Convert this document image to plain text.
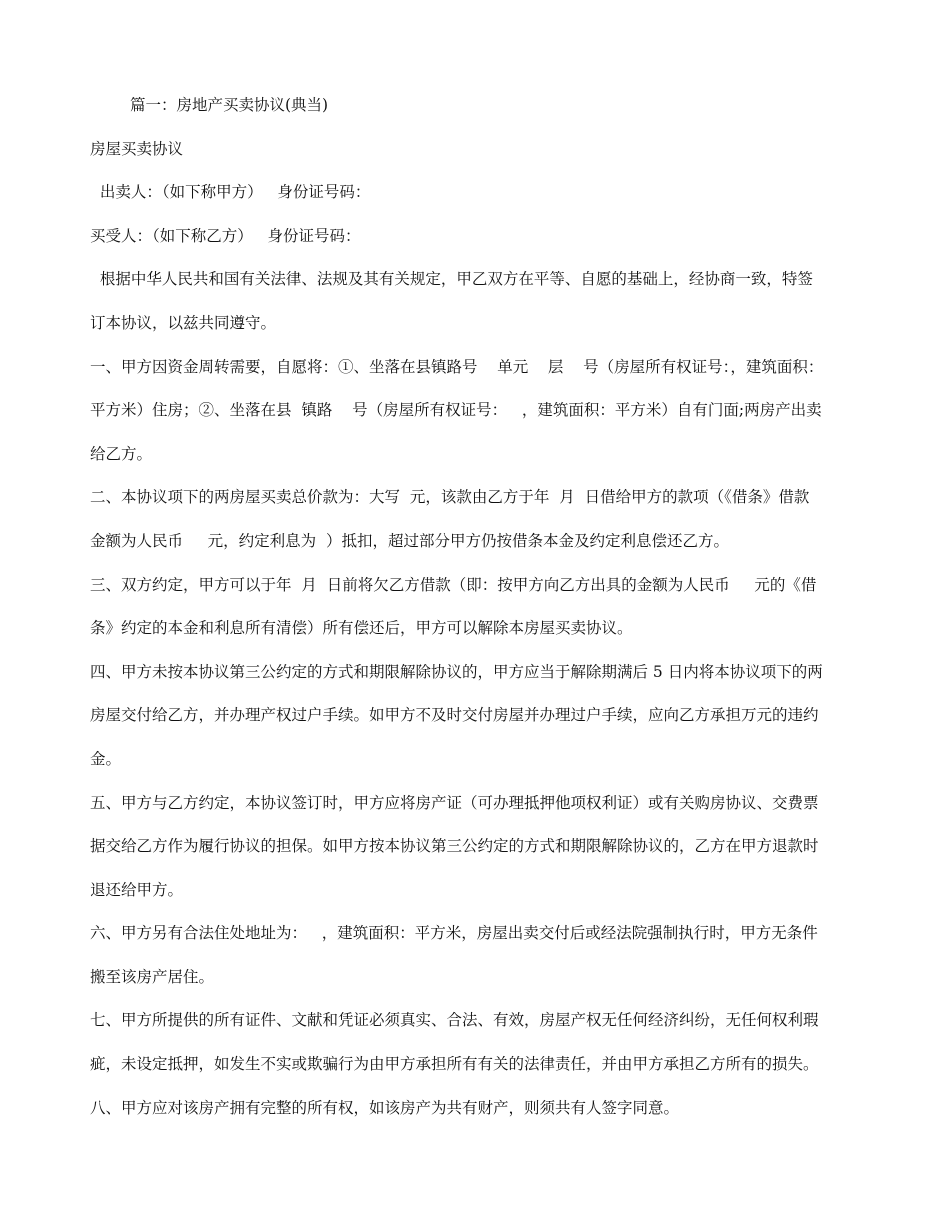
篇一：房地产买卖协议(典当)

房屋买卖协议

出卖人：（如下称甲方）   身份证号码：

买受人：（如下称乙方）   身份证号码：

根据中华人民共和国有关法律、法规及其有关规定，甲乙双方在平等、自愿的基础上，经协商一致，特签

订本协议，以兹共同遵守。

一、甲方因资金周转需要，自愿将：①、坐落在县镇路号    单元    层    号（房屋所有权证号：，建筑面积：

平方米）住房；②、坐落在县  镇路    号（房屋所有权证号：   ，建筑面积：平方米）自有门面;两房产出卖

给乙方。

二、本协议项下的两房屋买卖总价款为：大写  元，该款由乙方于年  月  日借给甲方的款项（《借条》借款

金额为人民币     元，约定利息为  ）抵扣，超过部分甲方仍按借条本金及约定利息偿还乙方。

三、双方约定，甲方可以于年  月  日前将欠乙方借款（即：按甲方向乙方出具的金额为人民币     元的《借

条》约定的本金和利息所有清偿）所有偿还后，甲方可以解除本房屋买卖协议。

四、甲方未按本协议第三公约定的方式和期限解除协议的，甲方应当于解除期满后 5 日内将本协议项下的两

房屋交付给乙方，并办理产权过户手续。如甲方不及时交付房屋并办理过户手续，应向乙方承担万元的违约

金。

五、甲方与乙方约定，本协议签订时，甲方应将房产证（可办理抵押他项权利证）或有关购房协议、交费票

据交给乙方作为履行协议的担保。如甲方按本协议第三公约定的方式和期限解除协议的，乙方在甲方退款时

退还给甲方。

六、甲方另有合法住处地址为：   ，建筑面积：平方米，房屋出卖交付后或经法院强制执行时，甲方无条件

搬至该房产居住。

七、甲方所提供的所有证件、文献和凭证必须真实、合法、有效，房屋产权无任何经济纠纷，无任何权利瑕

疵，未设定抵押，如发生不实或欺骗行为由甲方承担所有有关的法律责任，并由甲方承担乙方所有的损失。

八、甲方应对该房产拥有完整的所有权，如该房产为共有财产，则须共有人签字同意。
